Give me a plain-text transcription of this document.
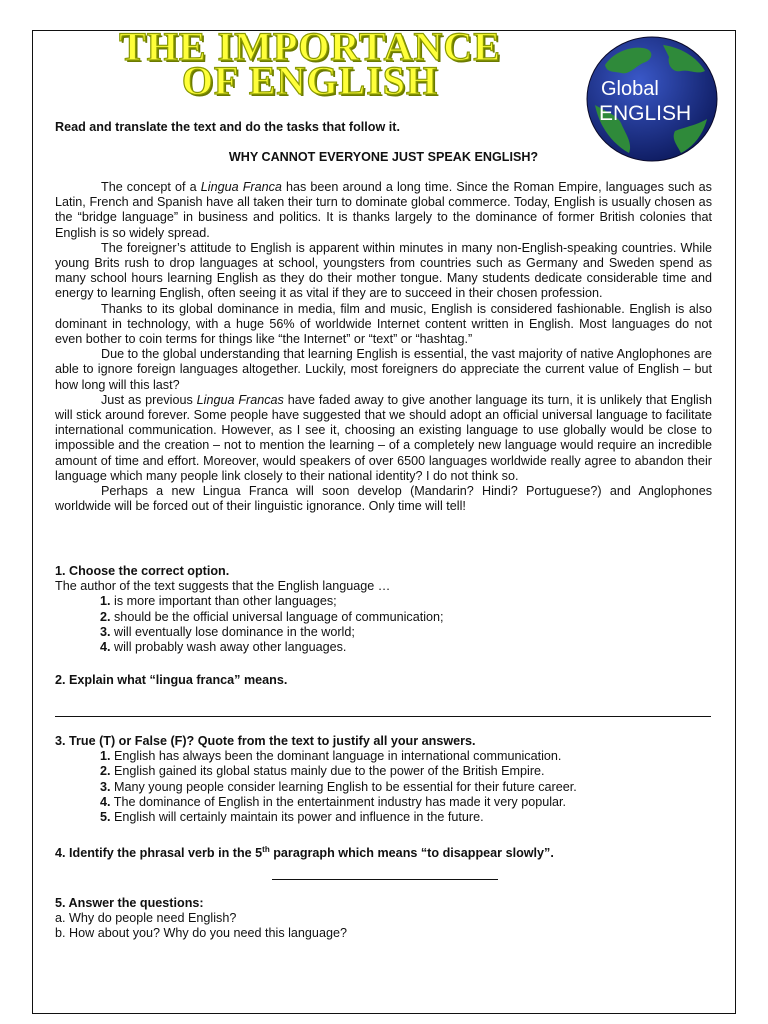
THE IMPORTANCE
OF ENGLISH	Global
ENGLISH
Read and translate the text and do the tasks that follow it.
WHY CANNOT EVERYONE JUST SPEAK ENGLISH?

The concept of a Lingua Franca has been around a long time. Since the Roman Empire, languages such as Latin, French and Spanish have all taken their turn to dominate global commerce. Today, English is usually chosen as the “bridge language” in business and politics. It is thanks largely to the dominance of former British colonies that English is so widely spread.

The foreigner’s attitude to English is apparent within minutes in many non-English-speaking countries. While young Brits rush to drop languages at school, youngsters from countries such as Germany and Sweden spend as many school hours learning English as they do their mother tongue. Many students dedicate considerable time and energy to learning English, often seeing it as vital if they are to succeed in their chosen profession.

Thanks to its global dominance in media, film and music, English is considered fashionable. English is also dominant in technology, with a huge 56% of worldwide Internet content written in English. Most languages do not even bother to coin terms for things like “the Internet” or “text” or “hashtag.”

Due to the global understanding that learning English is essential, the vast majority of native Anglophones are able to ignore foreign languages altogether. Luckily, most foreigners do appreciate the current value of English – but how long will this last?

Just as previous Lingua Francas have faded away to give another language its turn, it is unlikely that English will stick around forever. Some people have suggested that we should adopt an official universal language to facilitate international communication. However, as I see it, choosing an existing language to use globally would be close to impossible and the creation – not to mention the learning – of a completely new language would require an incredible amount of time and effort. Moreover, would speakers of over 6500 languages worldwide really agree to abandon their language which many people link closely to their national identity? I do not think so.

Perhaps a new Lingua Franca will soon develop (Mandarin? Hindi? Portuguese?) and Anglophones worldwide will be forced out of their linguistic ignorance. Only time will tell!

1. Choose the correct option.
The author of the text suggests that the English language …
1. is more important than other languages;
2. should be the official universal language of communication;
3. will eventually lose dominance in the world;
4. will probably wash away other languages.
2. Explain what “lingua franca” means.
3. True (T) or False (F)? Quote from the text to justify all your answers.
1. English has always been the dominant language in international communication.
2. English gained its global status mainly due to the power of the British Empire.
3. Many young people consider learning English to be essential for their future career.
4. The dominance of English in the entertainment industry has made it very popular.
5. English will certainly maintain its power and influence in the future.
4. Identify the phrasal verb in the 5th paragraph which means “to disappear slowly”.
5. Answer the questions:
a. Why do people need English?
b. How about you? Why do you need this language?
